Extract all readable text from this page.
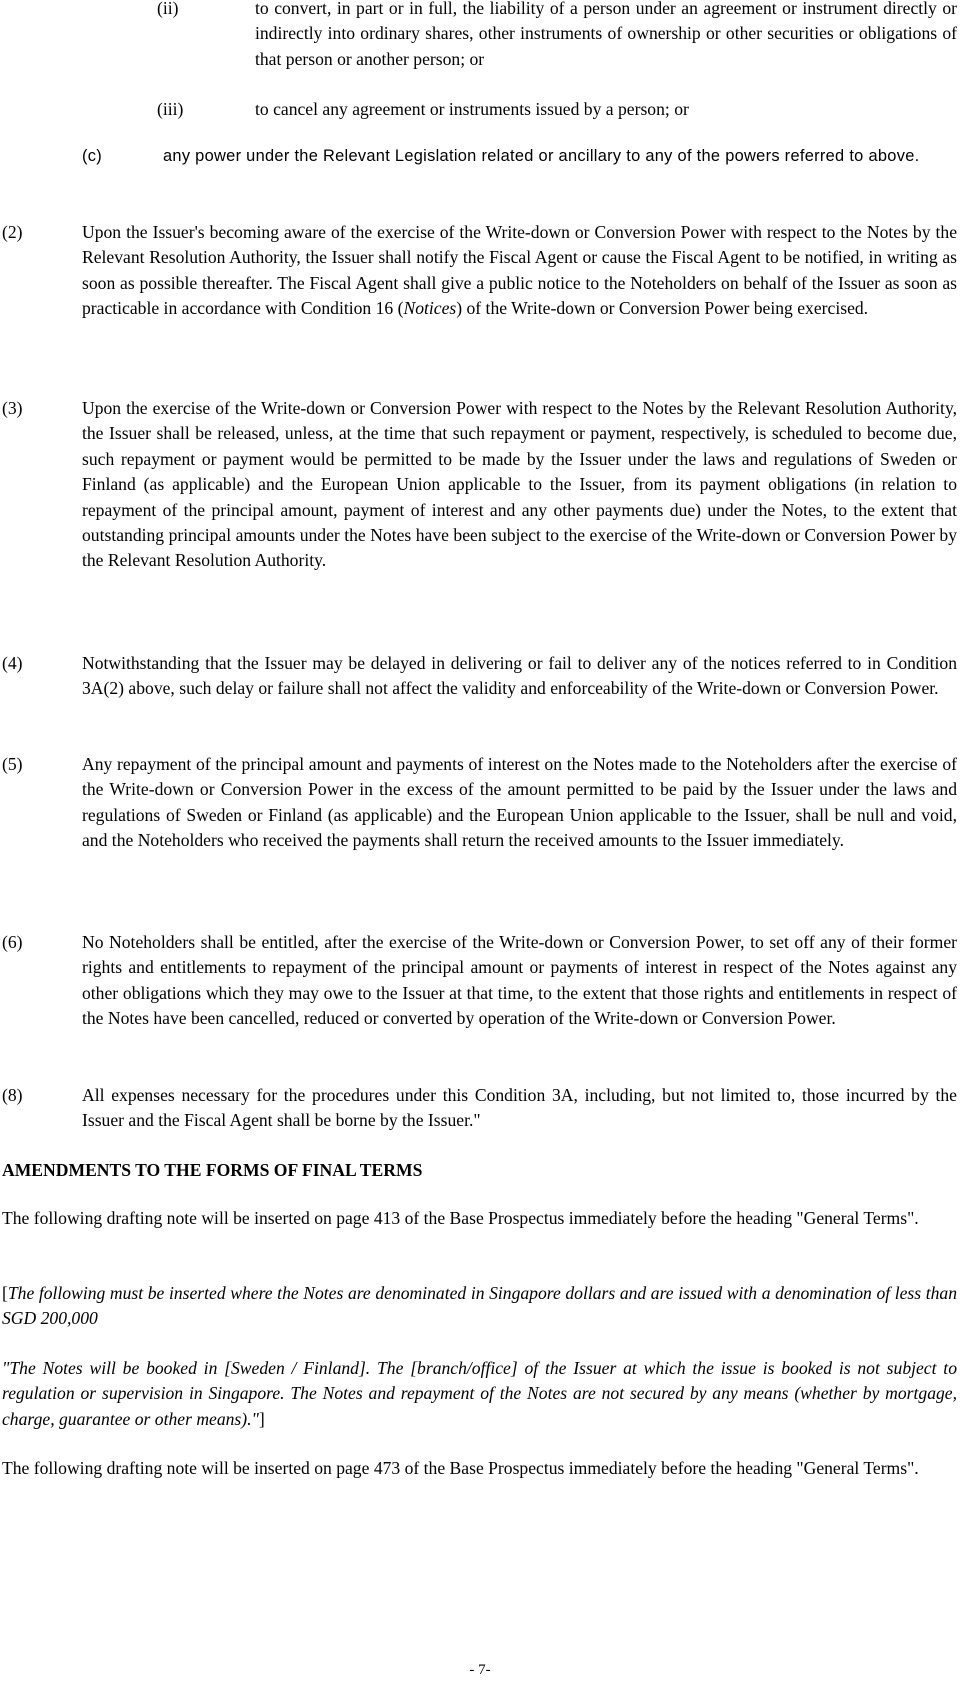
(ii)	to convert, in part or in full, the liability of a person under an agreement or instrument directly or indirectly into ordinary shares, other instruments of ownership or other securities or obligations of that person or another person; or

(iii)	to cancel any agreement or instruments issued by a person; or

(c)	any power under the Relevant Legislation related or ancillary to any of the powers referred to above.

(2)	Upon the Issuer's becoming aware of the exercise of the Write-down or Conversion Power with respect to the Notes by the Relevant Resolution Authority, the Issuer shall notify the Fiscal Agent or cause the Fiscal Agent to be notified, in writing as soon as possible thereafter. The Fiscal Agent shall give a public notice to the Noteholders on behalf of the Issuer as soon as practicable in accordance with Condition 16 (Notices) of the Write-down or Conversion Power being exercised.

(3)	Upon the exercise of the Write-down or Conversion Power with respect to the Notes by the Relevant Resolution Authority, the Issuer shall be released, unless, at the time that such repayment or payment, respectively, is scheduled to become due, such repayment or payment would be permitted to be made by the Issuer under the laws and regulations of Sweden or Finland (as applicable) and the European Union applicable to the Issuer, from its payment obligations (in relation to repayment of the principal amount, payment of interest and any other payments due) under the Notes, to the extent that outstanding principal amounts under the Notes have been subject to the exercise of the Write-down or Conversion Power by the Relevant Resolution Authority.

(4)	Notwithstanding that the Issuer may be delayed in delivering or fail to deliver any of the notices referred to in Condition 3A(2) above, such delay or failure shall not affect the validity and enforceability of the Write-down or Conversion Power.

(5)	Any repayment of the principal amount and payments of interest on the Notes made to the Noteholders after the exercise of the Write-down or Conversion Power in the excess of the amount permitted to be paid by the Issuer under the laws and regulations of Sweden or Finland (as applicable) and the European Union applicable to the Issuer, shall be null and void, and the Noteholders who received the payments shall return the received amounts to the Issuer immediately.

(6)	No Noteholders shall be entitled, after the exercise of the Write-down or Conversion Power, to set off any of their former rights and entitlements to repayment of the principal amount or payments of interest in respect of the Notes against any other obligations which they may owe to the Issuer at that time, to the extent that those rights and entitlements in respect of the Notes have been cancelled, reduced or converted by operation of the Write-down or Conversion Power.

(8)	All expenses necessary for the procedures under this Condition 3A, including, but not limited to, those incurred by the Issuer and the Fiscal Agent shall be borne by the Issuer."

AMENDMENTS TO THE FORMS OF FINAL TERMS

The following drafting note will be inserted on page 413 of the Base Prospectus immediately before the heading "General Terms".

[The following must be inserted where the Notes are denominated in Singapore dollars and are issued with a denomination of less than SGD 200,000

"The Notes will be booked in [Sweden / Finland]. The [branch/office] of the Issuer at which the issue is booked is not subject to regulation or supervision in Singapore. The Notes and repayment of the Notes are not secured by any means (whether by mortgage, charge, guarantee or other means)."]

The following drafting note will be inserted on page 473 of the Base Prospectus immediately before the heading "General Terms".

- 7-
